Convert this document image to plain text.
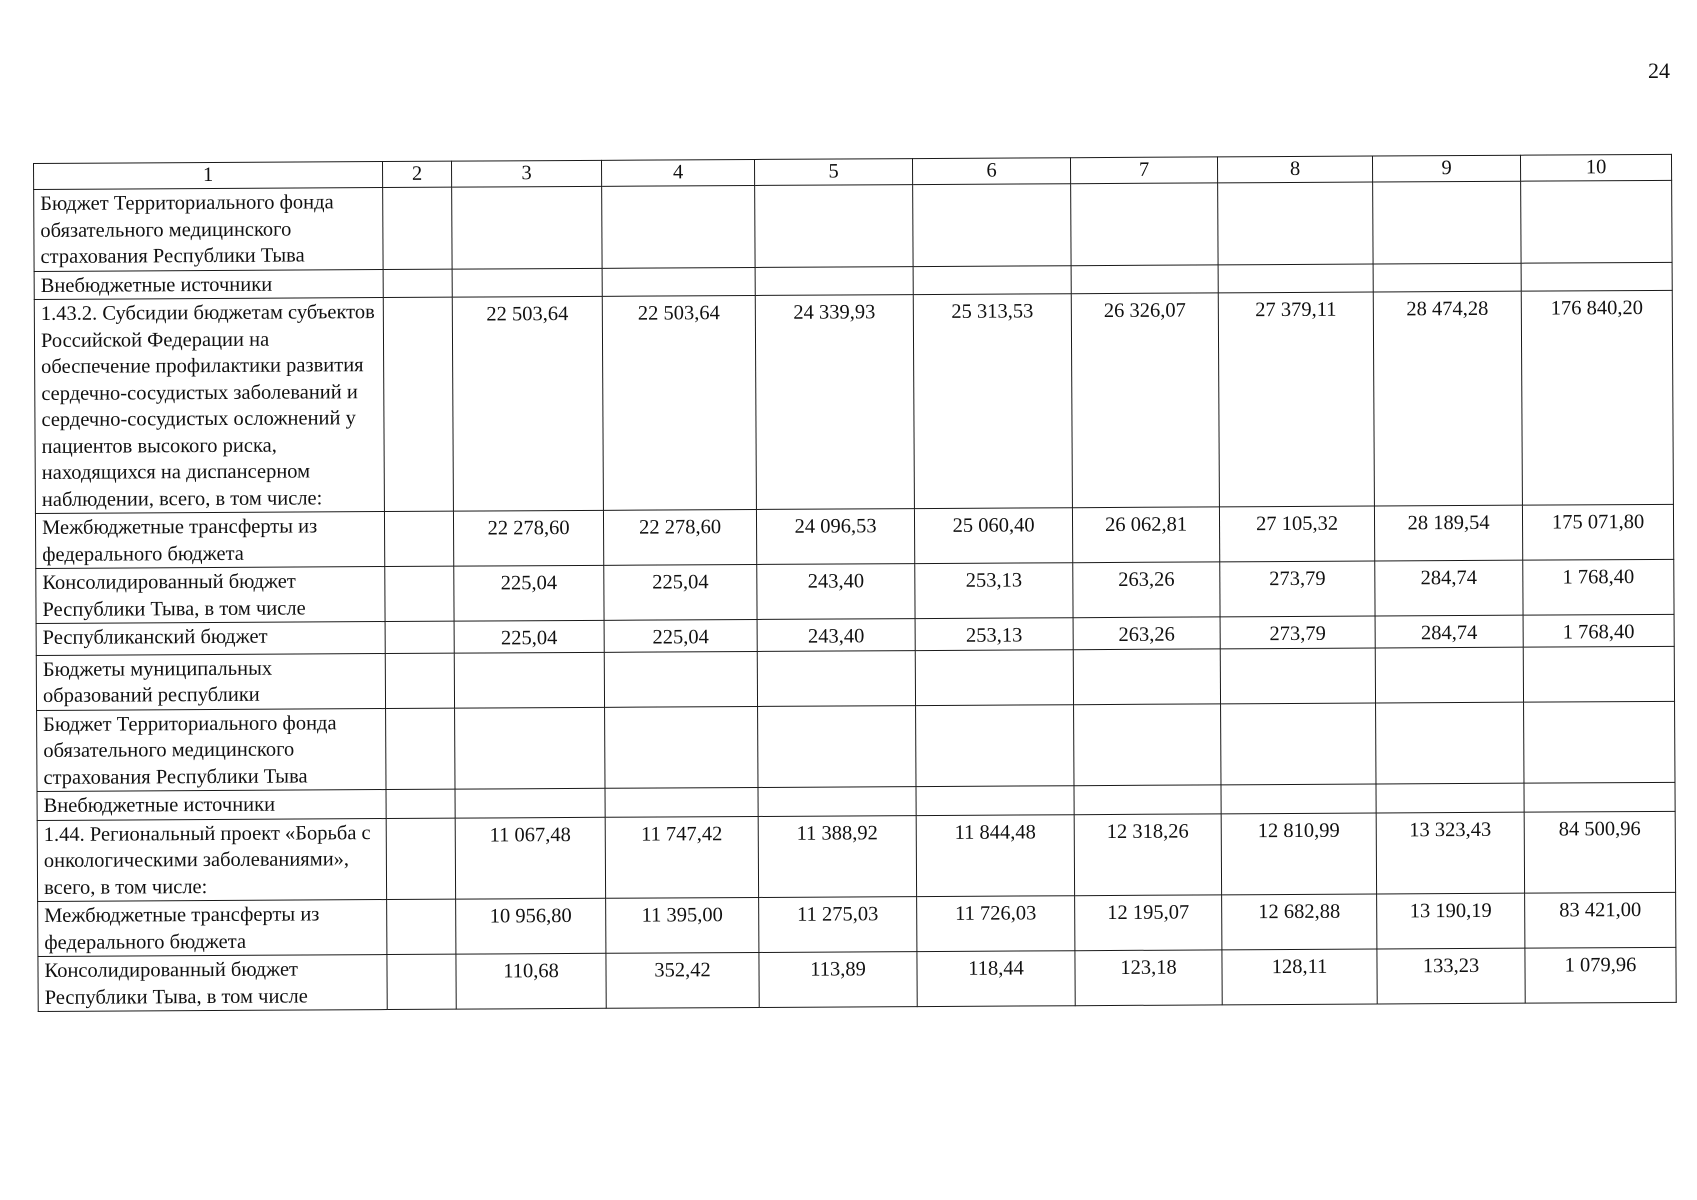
24
1	2	3	4	5	6	7	8	9	10
Бюджет Территориального фонда обязательного медицинского страхования Республики Тыва									
Внебюджетные источники									
1.43.2. Субсидии бюджетам субъектов Российской Федерации на обеспечение профилактики развития сердечно-сосудистых заболеваний и сердечно-сосудистых осложнений у пациентов высокого риска, находящихся на диспансерном наблюдении, всего, в том числе:		22 503,64	22 503,64	24 339,93	25 313,53	26 326,07	27 379,11	28 474,28	176 840,20
Межбюджетные трансферты из федерального бюджета		22 278,60	22 278,60	24 096,53	25 060,40	26 062,81	27 105,32	28 189,54	175 071,80
Консолидированный бюджет Республики Тыва, в том числе		225,04	225,04	243,40	253,13	263,26	273,79	284,74	1 768,40
Республиканский бюджет		225,04	225,04	243,40	253,13	263,26	273,79	284,74	1 768,40
Бюджеты муниципальных образований республики									
Бюджет Территориального фонда обязательного медицинского страхования Республики Тыва									
Внебюджетные источники									
1.44. Региональный проект «Борьба с онкологическими заболеваниями», всего, в том числе:		11 067,48	11 747,42	11 388,92	11 844,48	12 318,26	12 810,99	13 323,43	84 500,96
Межбюджетные трансферты из федерального бюджета		10 956,80	11 395,00	11 275,03	11 726,03	12 195,07	12 682,88	13 190,19	83 421,00
Консолидированный бюджет Республики Тыва, в том числе		110,68	352,42	113,89	118,44	123,18	128,11	133,23	1 079,96
